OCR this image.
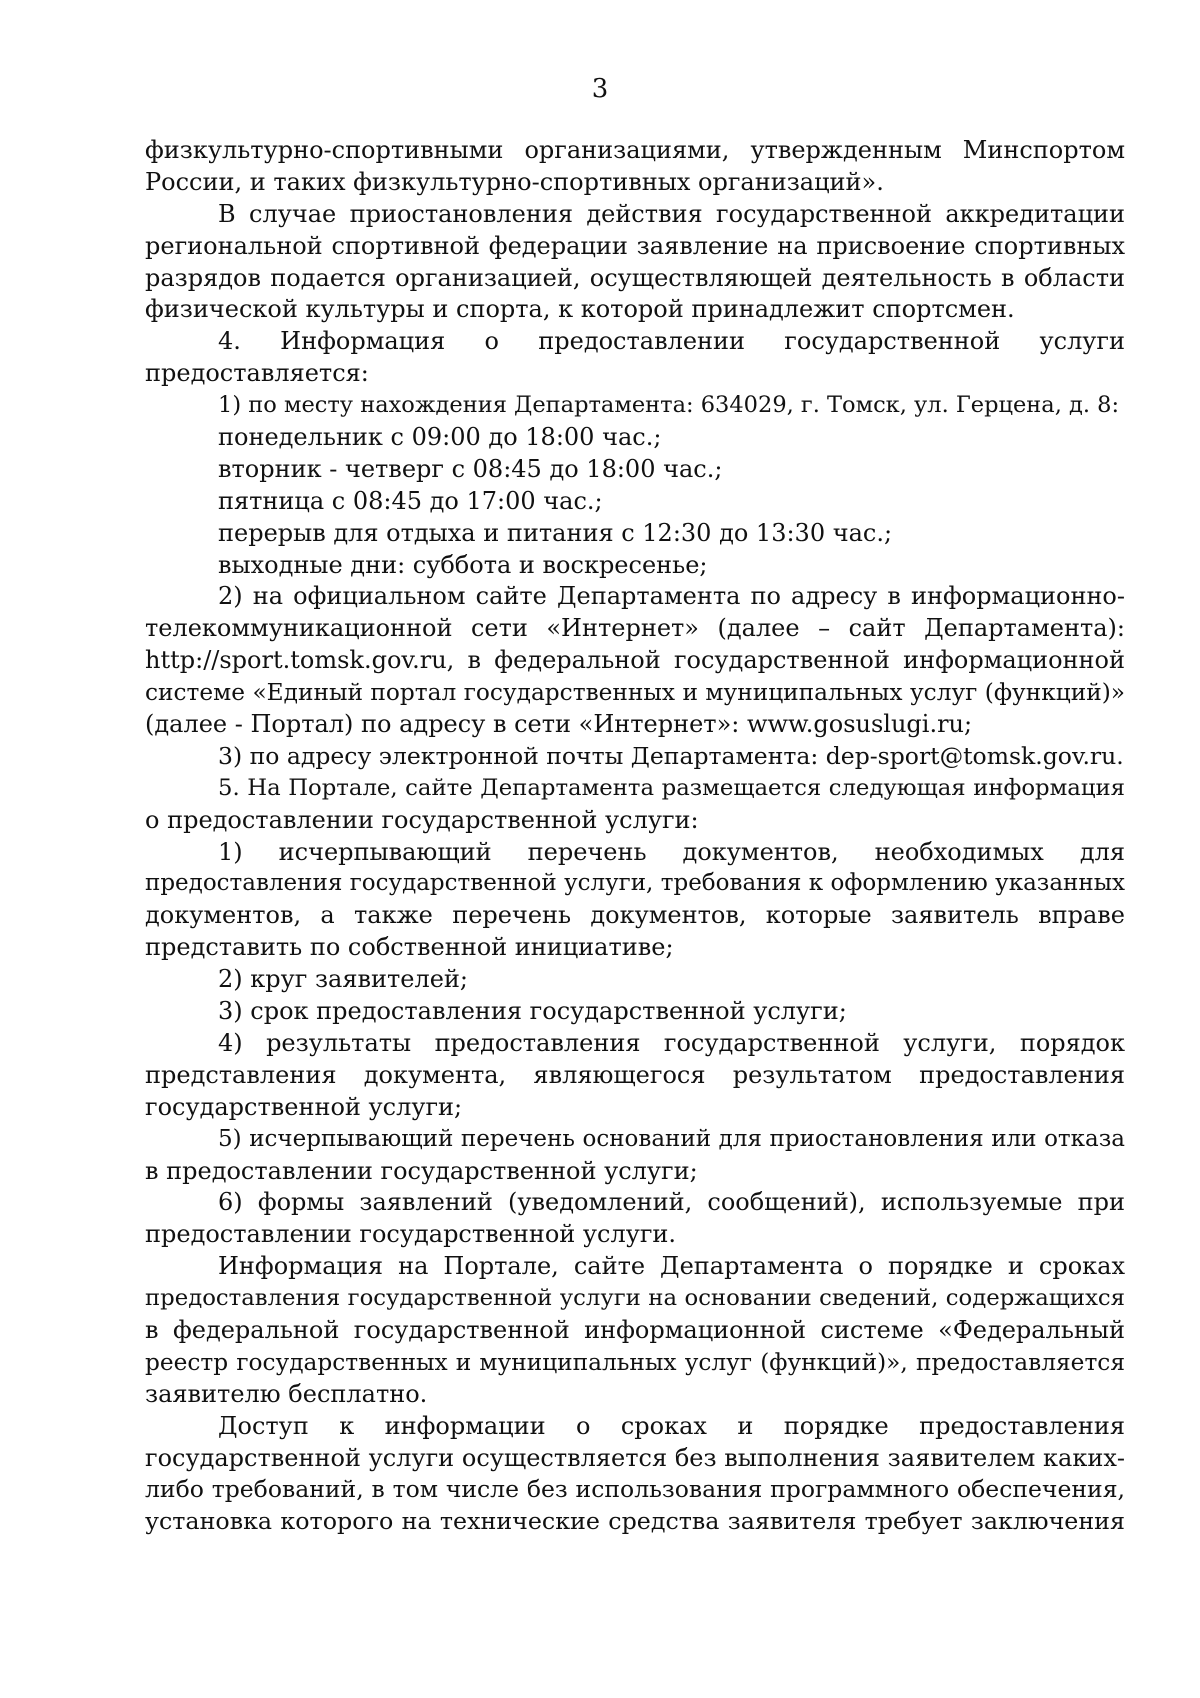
3
физкультурно-спортивными организациями, утвержденным Минспортом
России, и таких физкультурно-спортивных организаций».
В случае приостановления действия государственной аккредитации
региональной спортивной федерации заявление на присвоение спортивных
разрядов подается организацией, осуществляющей деятельность в области
физической культуры и спорта, к которой принадлежит спортсмен.
4. Информация о предоставлении государственной услуги
предоставляется:
1) по месту нахождения Департамента: 634029, г. Томск, ул. Герцена, д. 8:
понедельник с 09:00 до 18:00 час.;
вторник - четверг с 08:45 до 18:00 час.;
пятница с 08:45 до 17:00 час.;
перерыв для отдыха и питания с 12:30 до 13:30 час.;
выходные дни: суббота и воскресенье;
2) на официальном сайте Департамента по адресу в информационно-
телекоммуникационной сети «Интернет» (далее – сайт Департамента):
http://sport.tomsk.gov.ru, в федеральной государственной информационной
системе «Единый портал государственных и муниципальных услуг (функций)»
(далее - Портал) по адресу в сети «Интернет»: www.gosuslugi.ru;
3) по адресу электронной почты Департамента: dep-sport@tomsk.gov.ru.
5. На Портале, сайте Департамента размещается следующая информация
о предоставлении государственной услуги:
1) исчерпывающий перечень документов, необходимых для
предоставления государственной услуги, требования к оформлению указанных
документов, а также перечень документов, которые заявитель вправе
представить по собственной инициативе;
2) круг заявителей;
3) срок предоставления государственной услуги;
4) результаты предоставления государственной услуги, порядок
представления документа, являющегося результатом предоставления
государственной услуги;
5) исчерпывающий перечень оснований для приостановления или отказа
в предоставлении государственной услуги;
6) формы заявлений (уведомлений, сообщений), используемые при
предоставлении государственной услуги.
Информация на Портале, сайте Департамента о порядке и сроках
предоставления государственной услуги на основании сведений, содержащихся
в федеральной государственной информационной системе «Федеральный
реестр государственных и муниципальных услуг (функций)», предоставляется
заявителю бесплатно.
Доступ к информации о сроках и порядке предоставления
государственной услуги осуществляется без выполнения заявителем каких-
либо требований, в том числе без использования программного обеспечения,
установка которого на технические средства заявителя требует заключения
